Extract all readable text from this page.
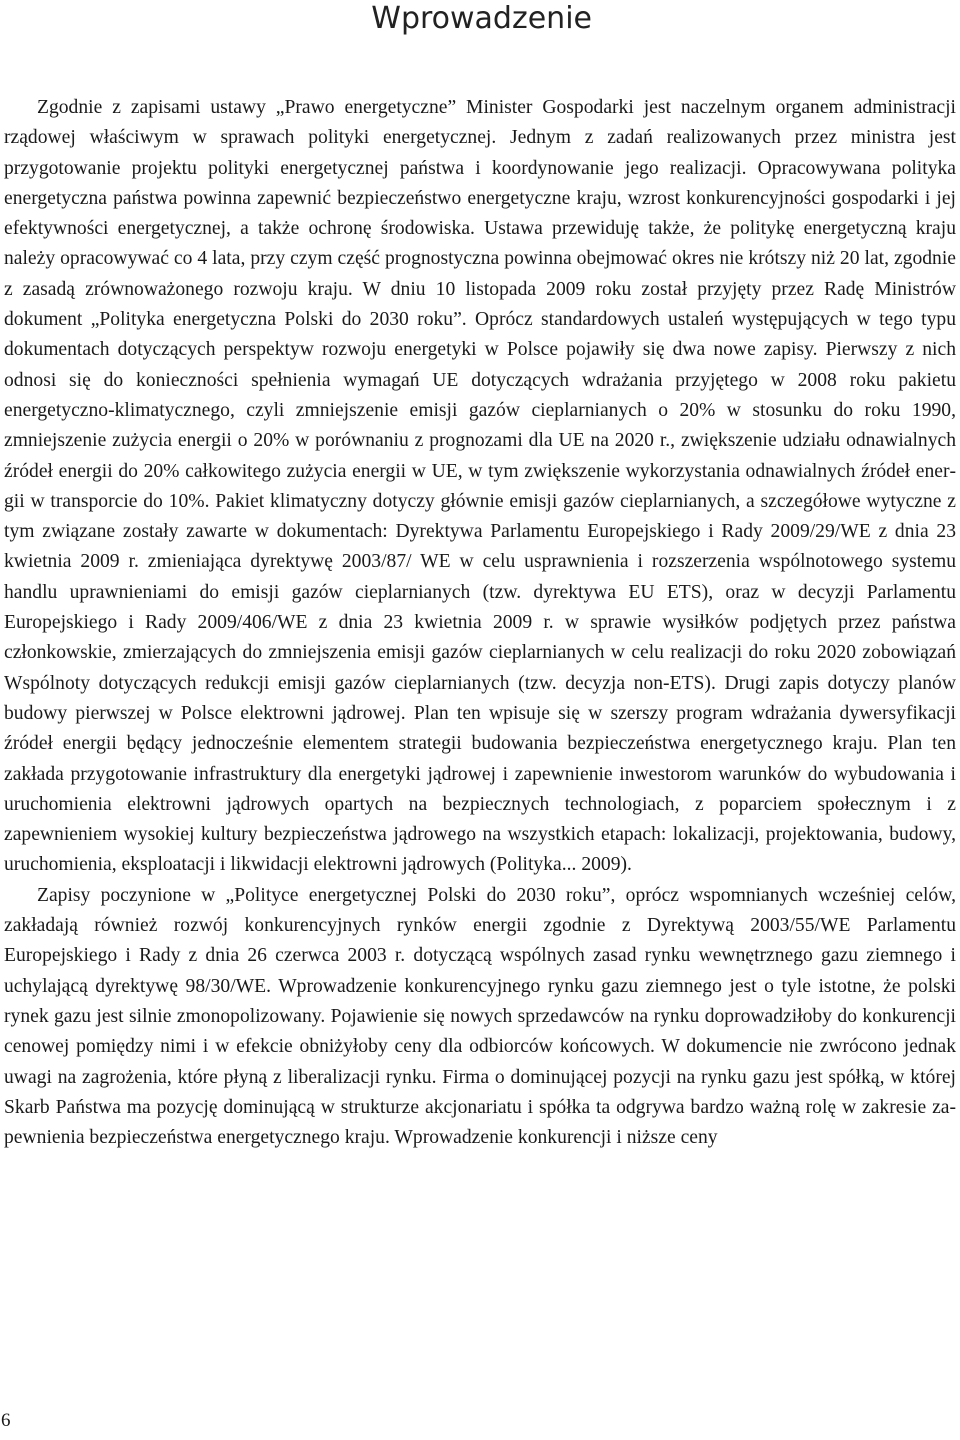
Wprowadzenie

Zgodnie z zapisami ustawy „Prawo energetyczne” Minister Gospodarki jest naczelnym organem administracji rządowej właściwym w sprawach polityki energetycznej. Jednym z zadań realizowanych przez ministra jest przygotowanie projektu polityki energetycznej państwa i koordynowanie jego realizacji. Opracowywana polityka energetyczna państwa powinna zapewnić bezpieczeństwo energetyczne kraju, wzrost konkurencyjności gospodarki i jej efektywności energetycznej, a także ochronę środowiska. Ustawa przewiduję także, że politykę energetyczną kraju należy opracowywać co 4 lata, przy czym część prognostyczna powinna obejmować okres nie krótszy niż 20 lat, zgodnie z zasadą zrównoważonego rozwoju kraju. W dniu 10 listopada 2009 roku został przyjęty przez Radę Ministrów dokument „Polityka energetyczna Polski do 2030 roku”. Oprócz standardowych ustaleń występujących w tego typu dokumentach dotyczących perspektyw rozwoju energetyki w Polsce pojawiły się dwa nowe zapisy. Pierwszy z nich odnosi się do konieczności spełnienia wymagań UE dotyczących wdrażania przyjętego w 2008 roku pakietu energetyczno-klimatycznego, czyli zmniejszenie emisji gazów cieplarnianych o 20% w stosunku do roku 1990, zmniejszenie zużycia energii o 20% w porównaniu z prognozami dla UE na 2020 r., zwiększenie udziału odnawialnych źródeł energii do 20% całkowitego zużycia energii w UE, w tym zwiększenie wykorzystania odnawialnych źródeł energii w transporcie do 10%. Pakiet klimatyczny dotyczy głównie emisji gazów cieplarnianych, a szczegółowe wytyczne z tym związane zostały zawarte w dokumentach: Dyrektywa Parlamentu Europejskiego i Rady 2009/29/WE z dnia 23 kwietnia 2009 r. zmieniająca dyrektywę 2003/87/ WE w celu usprawnienia i rozszerzenia wspólnotowego systemu handlu uprawnieniami do emisji gazów cieplarnianych (tzw. dyrektywa EU ETS), oraz w decyzji Parlamentu Europejskiego i Rady 2009/406/WE z dnia 23 kwietnia 2009 r. w sprawie wysiłków podjętych przez państwa członkowskie, zmierzających do zmniejszenia emisji gazów cieplarnianych w celu realizacji do roku 2020 zobowiązań Wspólnoty dotyczących redukcji emisji gazów cieplarnianych (tzw. decyzja non-ETS). Drugi zapis dotyczy planów budowy pierwszej w Polsce elektrowni jądrowej. Plan ten wpisuje się w szerszy program wdrażania dywersyfikacji źródeł energii będący jednocześnie elementem strategii budowania bezpieczeństwa energetycznego kraju. Plan ten zakłada przygotowanie infrastruktury dla energetyki jądrowej i zapewnienie inwestorom warunków do wybudowania i uruchomienia elektrowni jądrowych opartych na bezpiecznych technologiach, z poparciem społecznym i z zapewnieniem wysokiej kultury bezpieczeństwa jądrowego na wszystkich etapach: lokalizacji, projektowania, budowy, uruchomienia, eksploatacji i likwidacji elektrowni jądrowych (Polityka... 2009).

Zapisy poczynione w „Polityce energetycznej Polski do 2030 roku”, oprócz wspomnianych wcześniej celów, zakładają również rozwój konkurencyjnych rynków energii zgodnie z Dyrektywą 2003/55/WE Parlamentu Europejskiego i Rady z dnia 26 czerwca 2003 r. dotyczącą wspólnych zasad rynku wewnętrznego gazu ziemnego i uchylającą dyrektywę 98/30/WE. Wprowadzenie konkurencyjnego rynku gazu ziemnego jest o tyle istotne, że polski rynek gazu jest silnie zmonopolizowany. Pojawienie się nowych sprzedawców na rynku doprowadziłoby do konkurencji cenowej pomiędzy nimi i w efekcie obniżyłoby ceny dla odbiorców końcowych. W dokumencie nie zwrócono jednak uwagi na zagrożenia, które płyną z liberalizacji rynku. Firma o dominującej pozycji na rynku gazu jest spółką, w której Skarb Państwa ma pozycję dominującą w strukturze akcjonariatu i spółka ta odgrywa bardzo ważną rolę w zakresie zapewnienia bezpieczeństwa energetycznego kraju. Wprowadzenie konkurencji i niższe ceny

6
